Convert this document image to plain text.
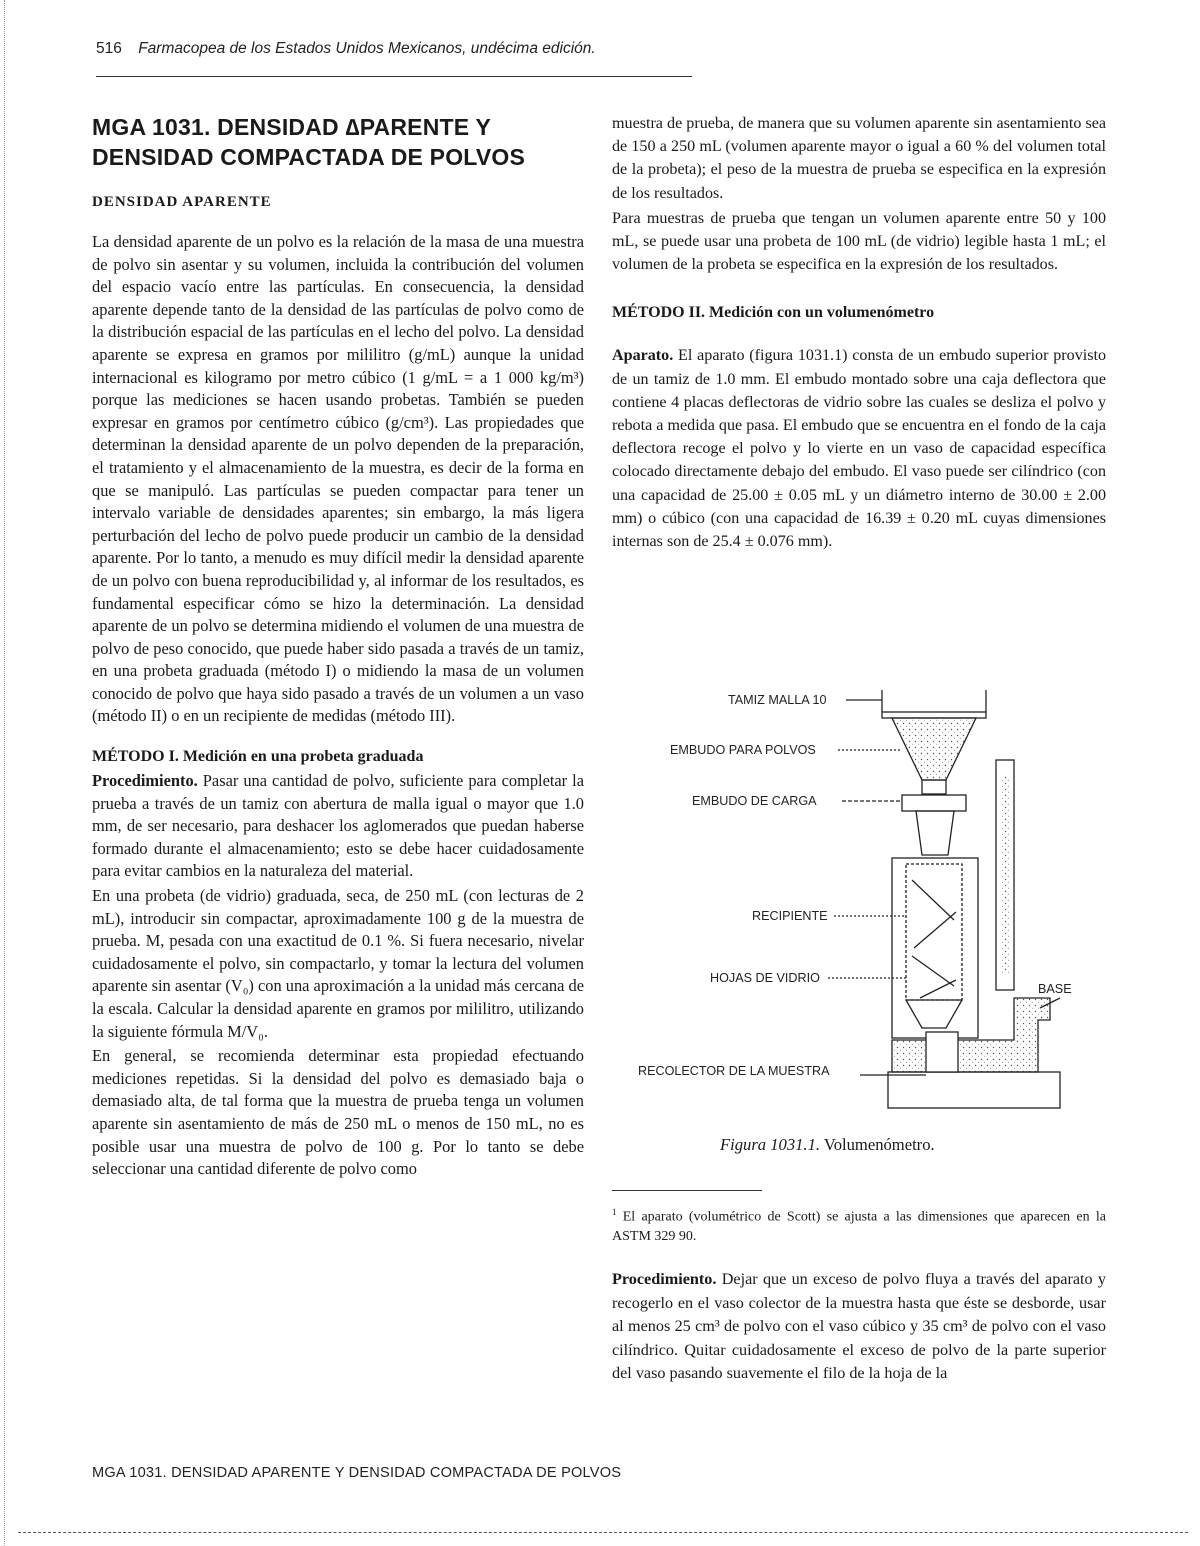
516 Farmacopea de los Estados Unidos Mexicanos, undécima edición.
MGA 1031. DENSIDAD ∆PARENTE Y
DENSIDAD COMPACTADA DE POLVOS
DENSIDAD APARENTE

La densidad aparente de un polvo es la relación de la masa de una muestra de polvo sin asentar y su volumen, incluida la contribución del volumen del espacio vacío entre las partículas. En consecuencia, la densidad aparente depende tanto de la densidad de las partículas de polvo como de la distribución espacial de las partículas en el lecho del polvo. La densidad aparente se expresa en gramos por mililitro (g/mL) aunque la unidad internacional es kilogramo por metro cúbico (1 g/mL = a 1 000 kg/m³) porque las mediciones se hacen usando probetas. También se pueden expresar en gramos por centímetro cúbico (g/cm³). Las propiedades que determinan la densidad aparente de un polvo dependen de la preparación, el tratamiento y el almacenamiento de la muestra, es decir de la forma en que se manipuló. Las partículas se pueden compactar para tener un intervalo variable de densidades aparentes; sin embargo, la más ligera perturbación del lecho de polvo puede producir un cambio de la densidad aparente. Por lo tanto, a menudo es muy difícil medir la densidad aparente de un polvo con buena reproducibilidad y, al informar de los resultados, es fundamental especificar cómo se hizo la determinación. La densidad aparente de un polvo se determina midiendo el volumen de una muestra de polvo de peso conocido, que puede haber sido pasada a través de un tamiz, en una probeta graduada (método I) o midiendo la masa de un volumen conocido de polvo que haya sido pasado a través de un volumen a un vaso (método II) o en un recipiente de medidas (método III).

MÉTODO I. Medición en una probeta graduada

Procedimiento. Pasar una cantidad de polvo, suficiente para completar la prueba a través de un tamiz con abertura de malla igual o mayor que 1.0 mm, de ser necesario, para deshacer los aglomerados que puedan haberse formado durante el almacenamiento; esto se debe hacer cuidadosamente para evitar cambios en la naturaleza del material.

En una probeta (de vidrio) graduada, seca, de 250 mL (con lecturas de 2 mL), introducir sin compactar, aproximadamente 100 g de la muestra de prueba. M, pesada con una exactitud de 0.1 %. Si fuera necesario, nivelar cuidadosamente el polvo, sin compactarlo, y tomar la lectura del volumen aparente sin asentar (V₀) con una aproximación a la unidad más cercana de la escala. Calcular la densidad aparente en gramos por mililitro, utilizando la siguiente fórmula M/V₀.

En general, se recomienda determinar esta propiedad efectuando mediciones repetidas. Si la densidad del polvo es demasiado baja o demasiado alta, de tal forma que la muestra de prueba tenga un volumen aparente sin asentamiento de más de 250 mL o menos de 150 mL, no es posible usar una muestra de polvo de 100 g. Por lo tanto se debe seleccionar una cantidad diferente de polvo como

muestra de prueba, de manera que su volumen aparente sin asentamiento sea de 150 a 250 mL (volumen aparente mayor o igual a 60 % del volumen total de la probeta); el peso de la muestra de prueba se especifica en la expresión de los resultados.

Para muestras de prueba que tengan un volumen aparente entre 50 y 100 mL, se puede usar una probeta de 100 mL (de vidrio) legible hasta 1 mL; el volumen de la probeta se especifica en la expresión de los resultados.

MÉTODO II. Medición con un volumenómetro

Aparato. El aparato (figura 1031.1) consta de un embudo superior provisto de un tamiz de 1.0 mm. El embudo montado sobre una caja deflectora que contiene 4 placas deflectoras de vidrio sobre las cuales se desliza el polvo y rebota a medida que pasa. El embudo que se encuentra en el fondo de la caja deflectora recoge el polvo y lo vierte en un vaso de capacidad específica colocado directamente debajo del embudo. El vaso puede ser cilíndrico (con una capacidad de 25.00 ± 0.05 mL y un diámetro interno de 30.00 ± 2.00 mm) o cúbico (con una capacidad de 16.39 ± 0.20 mL cuyas dimensiones internas son de 25.4 ± 0.076 mm).

TAMIZ MALLA 10
EMBUDO PARA POLVOS
EMBUDO DE CARGA
RECIPIENTE
HOJAS DE VIDRIO
BASE
RECOLECTOR DE LA MUESTRA
Figura 1031.1. Volumenómetro.
$^1$ El aparato (volumétrico de Scott) se ajusta a las dimensiones que aparecen en la ASTM 329 90.

Procedimiento. Dejar que un exceso de polvo fluya a través del aparato y recogerlo en el vaso colector de la muestra hasta que éste se desborde, usar al menos 25 cm³ de polvo con el vaso cúbico y 35 cm³ de polvo con el vaso cilíndrico. Quitar cuidadosamente el exceso de polvo de la parte superior del vaso pasando suavemente el filo de la hoja de la

MGA 1031. DENSIDAD APARENTE Y DENSIDAD COMPACTADA DE POLVOS
